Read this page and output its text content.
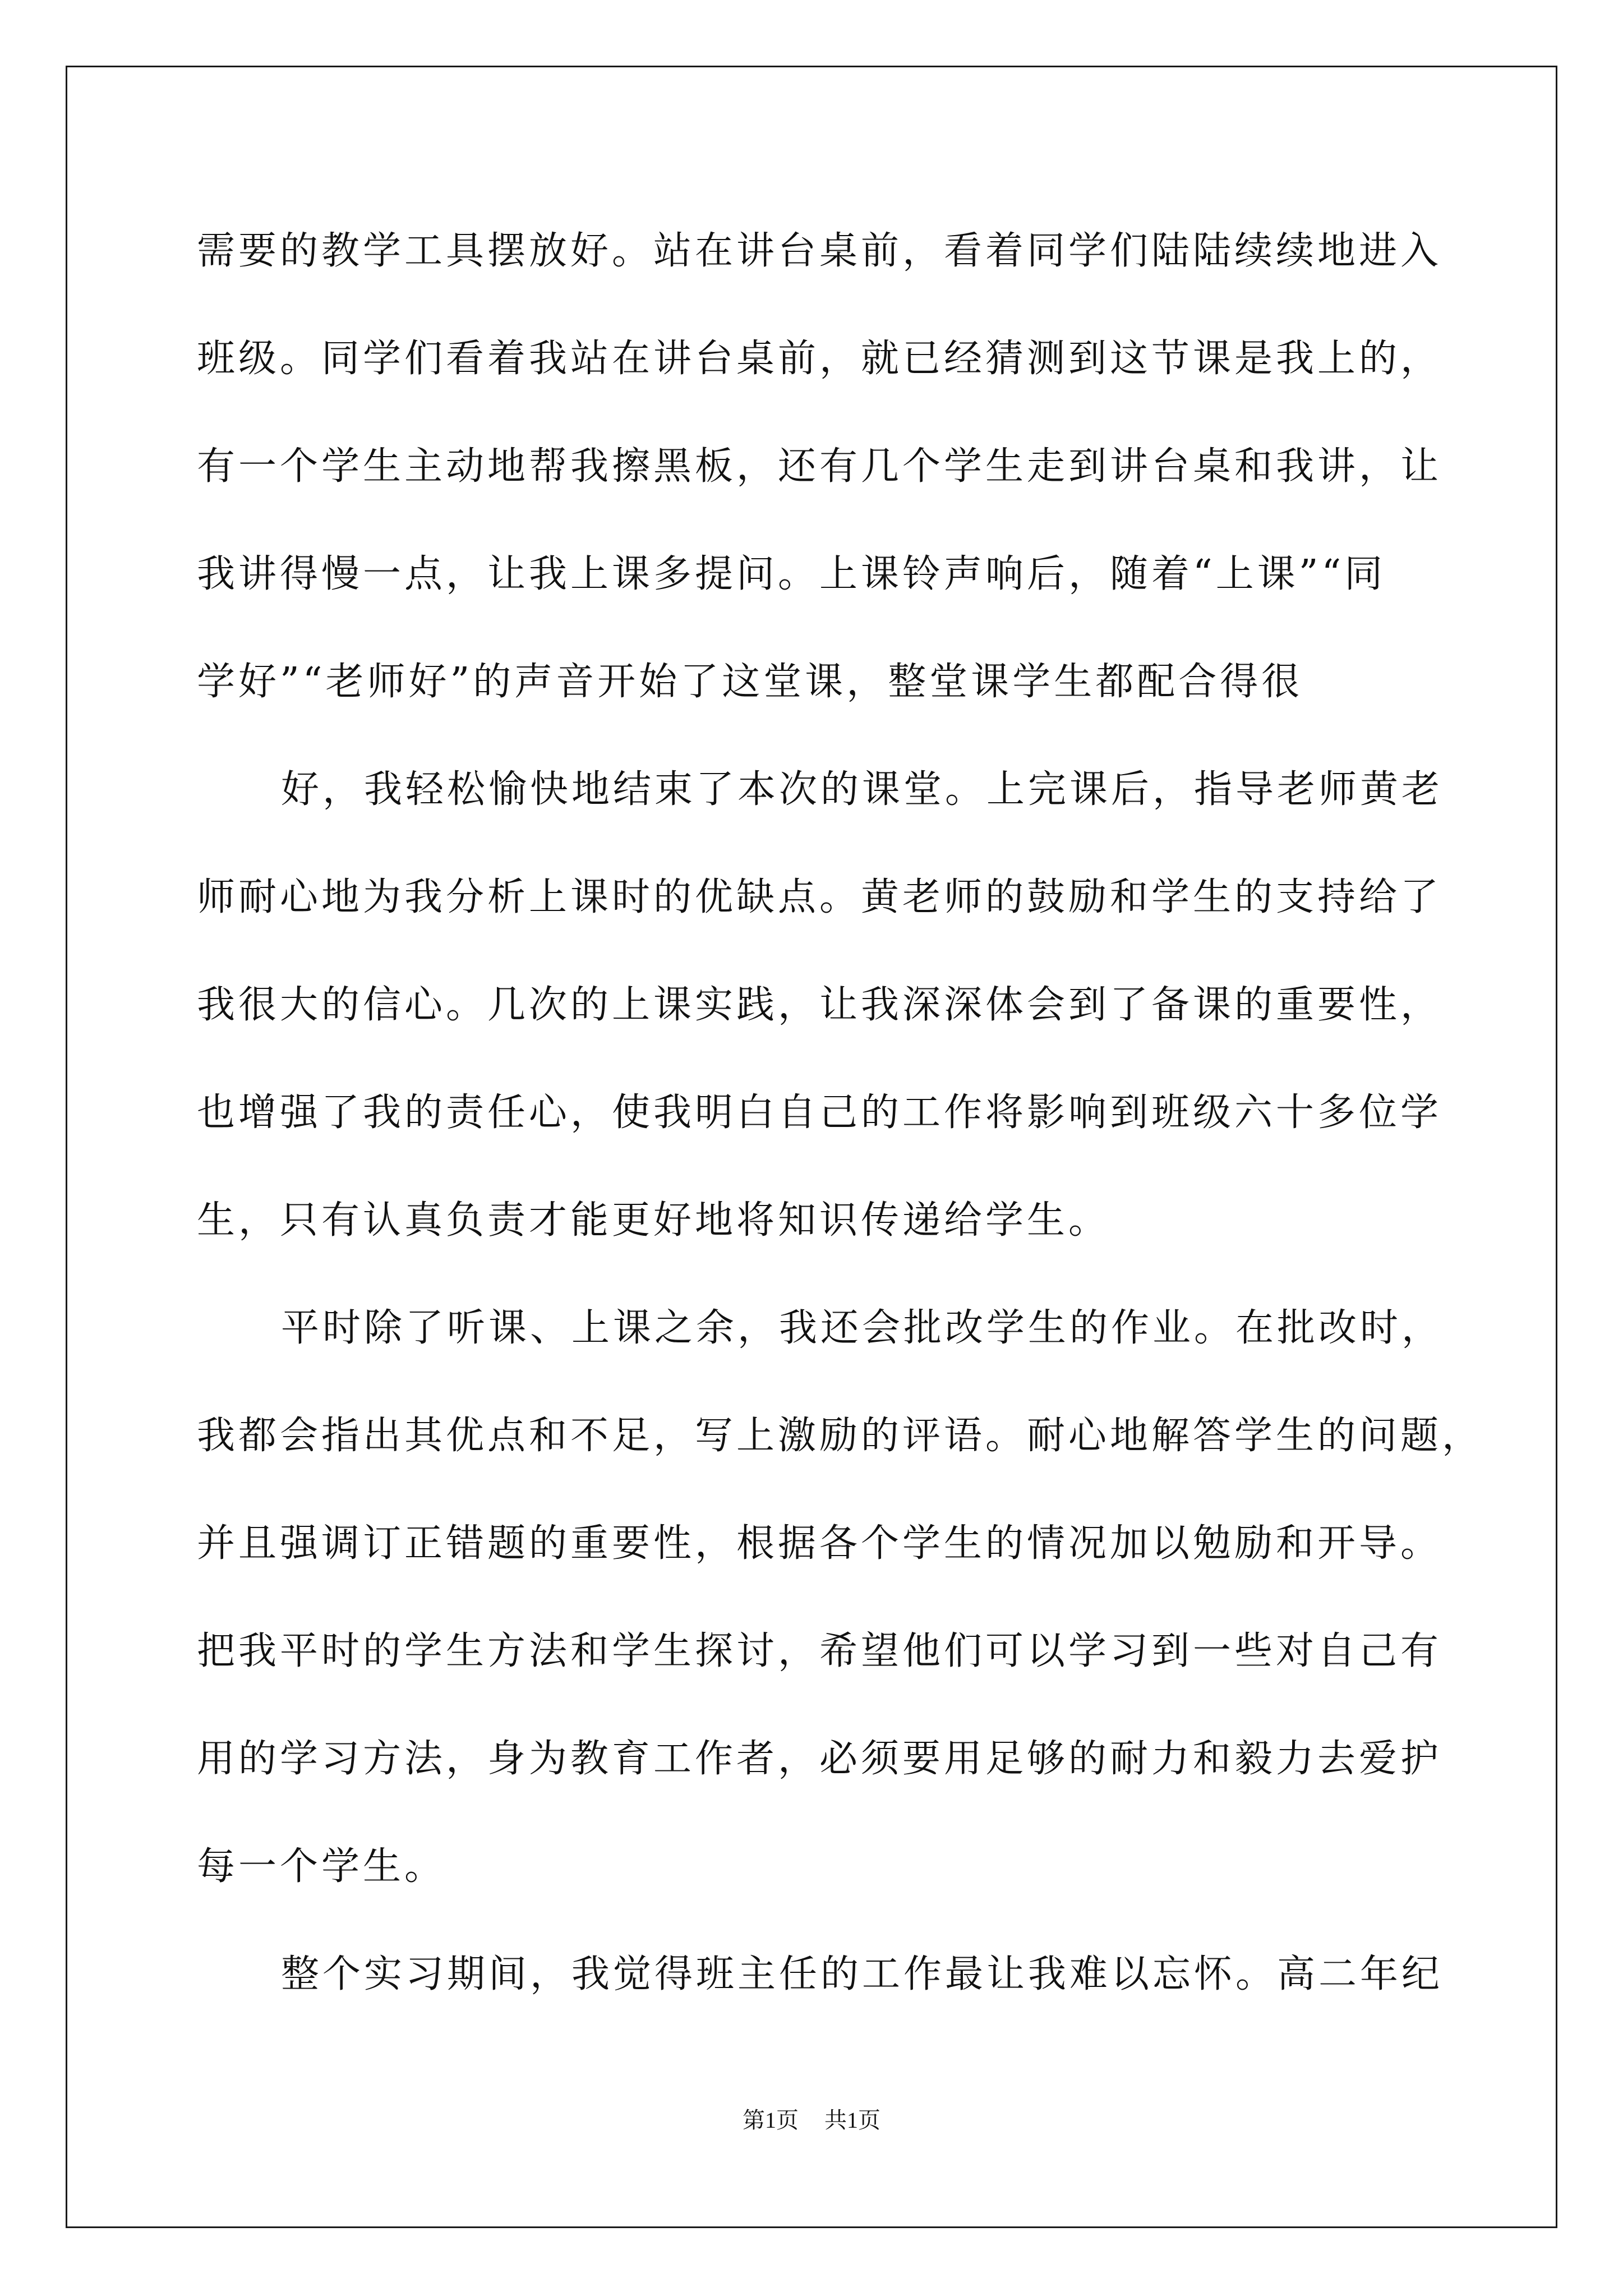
需要的教学工具摆放好。站在讲台桌前，看着同学们陆陆续续地进入
班级。同学们看着我站在讲台桌前，就已经猜测到这节课是我上的，
有一个学生主动地帮我擦黑板，还有几个学生走到讲台桌和我讲，让
我讲得慢一点，让我上课多提问。上课铃声响后，随着“上课”“同
学好”“老师好”的声音开始了这堂课，整堂课学生都配合得很
好，我轻松愉快地结束了本次的课堂。上完课后，指导老师黄老
师耐心地为我分析上课时的优缺点。黄老师的鼓励和学生的支持给了
我很大的信心。几次的上课实践，让我深深体会到了备课的重要性，
也增强了我的责任心，使我明白自己的工作将影响到班级六十多位学
生，只有认真负责才能更好地将知识传递给学生。
平时除了听课、上课之余，我还会批改学生的作业。在批改时，
我都会指出其优点和不足，写上激励的评语。耐心地解答学生的问题，
并且强调订正错题的重要性，根据各个学生的情况加以勉励和开导。
把我平时的学生方法和学生探讨，希望他们可以学习到一些对自己有
用的学习方法，身为教育工作者，必须要用足够的耐力和毅力去爱护
每一个学生。
整个实习期间，我觉得班主任的工作最让我难以忘怀。高二年纪
第1页 共1页
